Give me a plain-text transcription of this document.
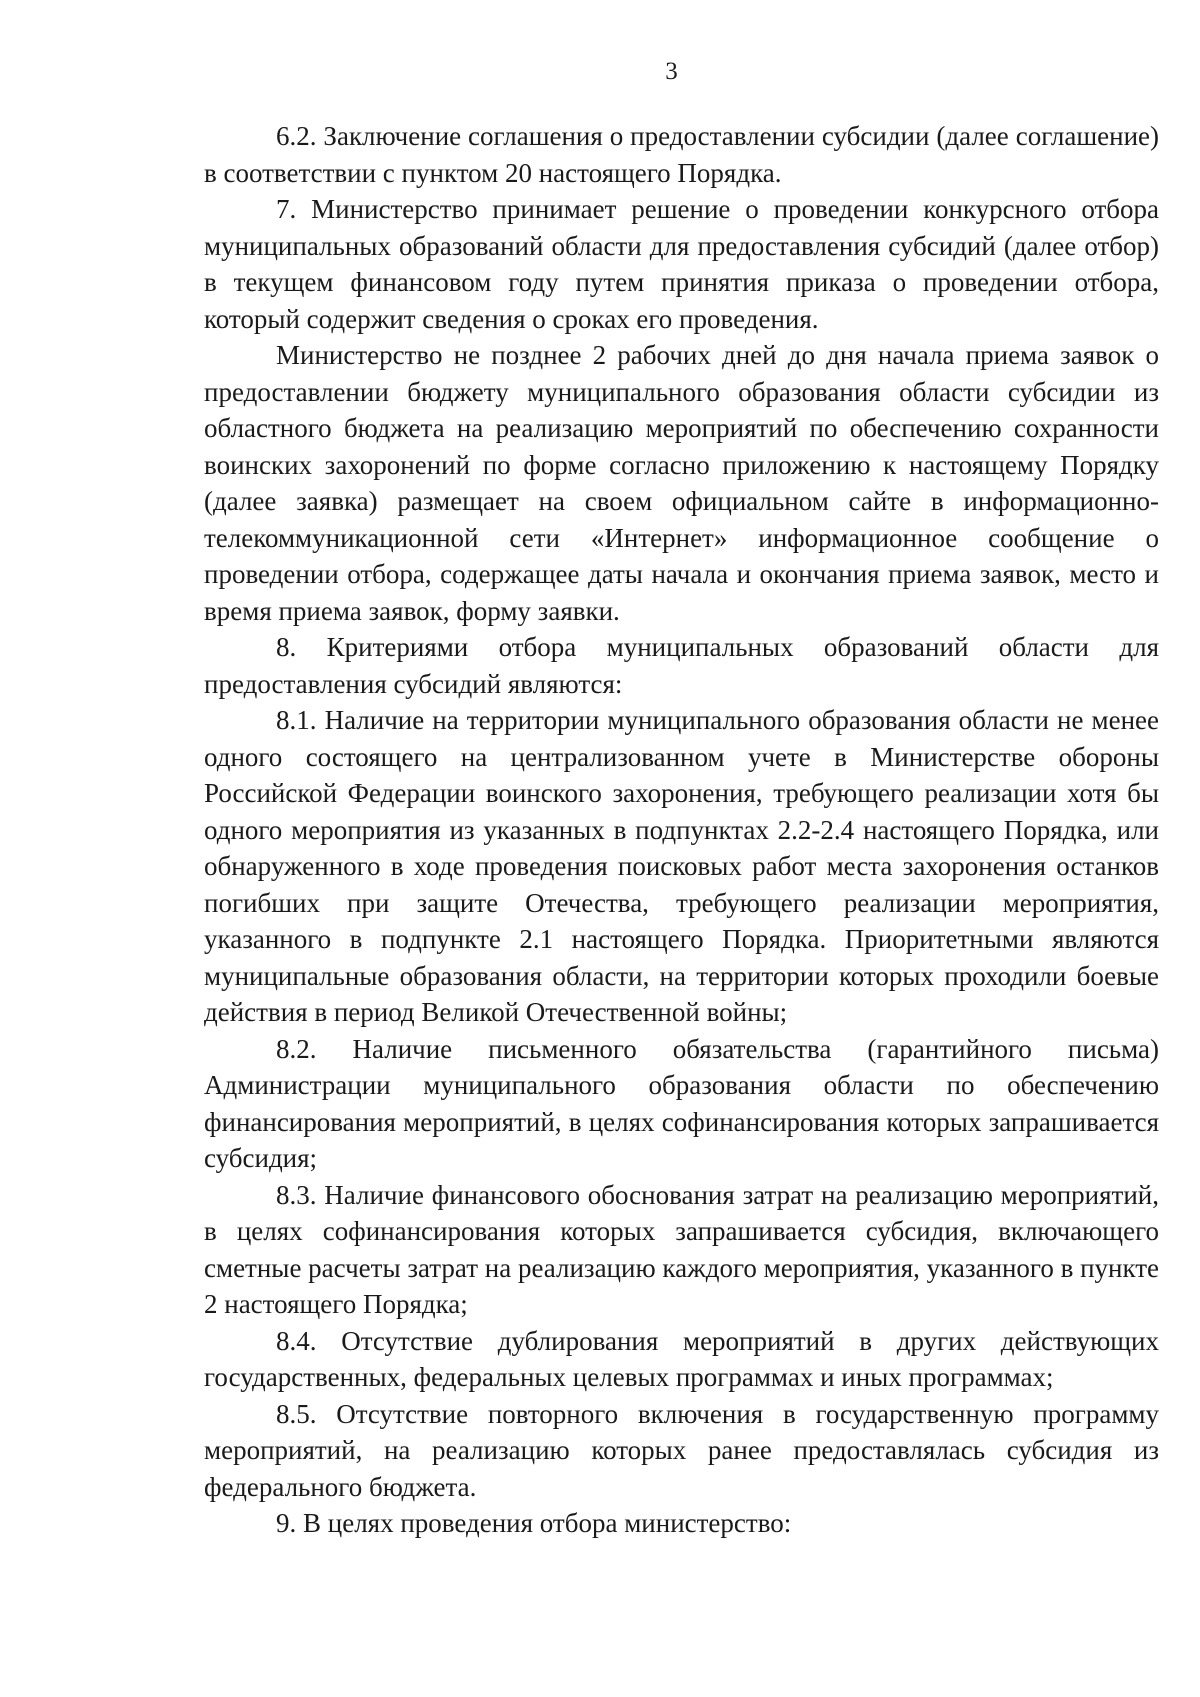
3

6.2. Заключение соглашения о предоставлении субсидии (далее соглашение) в соответствии с пунктом 20 настоящего Порядка.

7. Министерство принимает решение о проведении конкурсного отбора муниципальных образований области для предоставления субсидий (далее отбор) в текущем финансовом году путем принятия приказа о проведении отбора, который содержит сведения о сроках его проведения.

Министерство не позднее 2 рабочих дней до дня начала приема заявок о предоставлении бюджету муниципального образования области субсидии из областного бюджета на реализацию мероприятий по обеспечению сохранности воинских захоронений по форме согласно приложению к настоящему Порядку (далее заявка) размещает на своем официальном сайте в информационно-телекоммуникационной сети «Интернет» информационное сообщение о проведении отбора, содержащее даты начала и окончания приема заявок, место и время приема заявок, форму заявки.

8. Критериями отбора муниципальных образований области для предоставления субсидий являются:

8.1. Наличие на территории муниципального образования области не менее одного состоящего на централизованном учете в Министерстве обороны Российской Федерации воинского захоронения, требующего реализации хотя бы одного мероприятия из указанных в подпунктах 2.2-2.4 настоящего Порядка, или обнаруженного в ходе проведения поисковых работ места захоронения останков погибших при защите Отечества, требующего реализации мероприятия, указанного в подпункте 2.1 настоящего Порядка. Приоритетными являются муниципальные образования области, на территории которых проходили боевые действия в период Великой Отечественной войны;

8.2. Наличие письменного обязательства (гарантийного письма) Администрации муниципального образования области по обеспечению финансирования мероприятий, в целях софинансирования которых запрашивается субсидия;

8.3. Наличие финансового обоснования затрат на реализацию мероприятий, в целях софинансирования которых запрашивается субсидия, включающего сметные расчеты затрат на реализацию каждого мероприятия, указанного в пункте 2 настоящего Порядка;

8.4. Отсутствие дублирования мероприятий в других действующих государственных, федеральных целевых программах и иных программах;

8.5. Отсутствие повторного включения в государственную программу мероприятий, на реализацию которых ранее предоставлялась субсидия из федерального бюджета.

9. В целях проведения отбора министерство:
